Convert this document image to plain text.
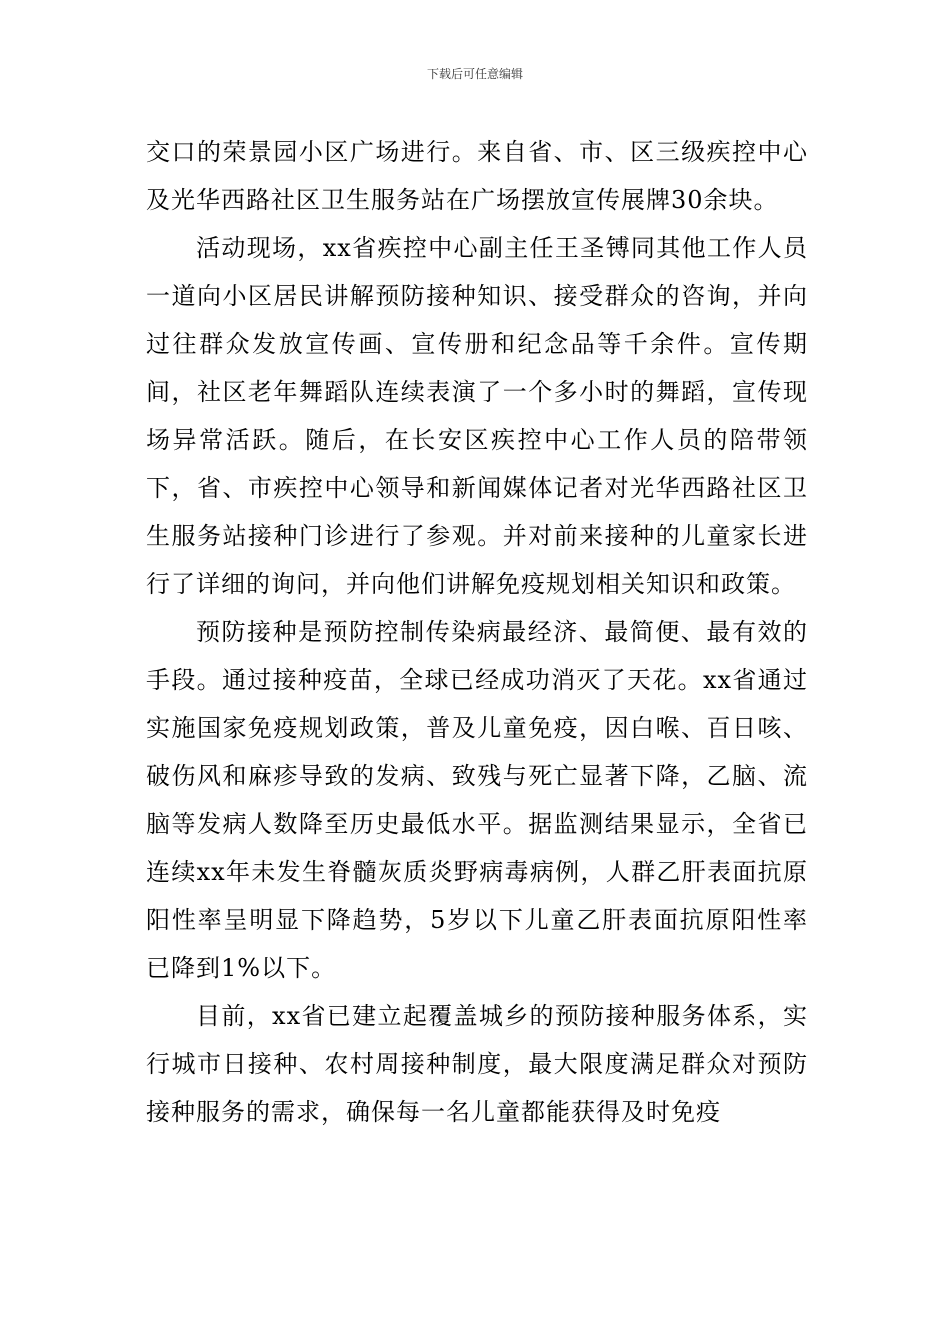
下载后可任意编辑

交口的荣景园小区广场进行。来自省、市、区三级疾控中心及光华西路社区卫生服务站在广场摆放宣传展牌30余块。

活动现场，xx省疾控中心副主任王圣镈同其他工作人员一道向小区居民讲解预防接种知识、接受群众的咨询，并向过往群众发放宣传画、宣传册和纪念品等千余件。宣传期间，社区老年舞蹈队连续表演了一个多小时的舞蹈，宣传现场异常活跃。随后，在长安区疾控中心工作人员的陪带领下，省、市疾控中心领导和新闻媒体记者对光华西路社区卫生服务站接种门诊进行了参观。并对前来接种的儿童家长进行了详细的询问，并向他们讲解免疫规划相关知识和政策。

预防接种是预防控制传染病最经济、最简便、最有效的手段。通过接种疫苗，全球已经成功消灭了天花。xx省通过实施国家免疫规划政策，普及儿童免疫，因白喉、百日咳、破伤风和麻疹导致的发病、致残与死亡显著下降，乙脑、流脑等发病人数降至历史最低水平。据监测结果显示，全省已连续xx年未发生脊髓灰质炎野病毒病例，人群乙肝表面抗原阳性率呈明显下降趋势，5岁以下儿童乙肝表面抗原阳性率已降到1%以下。

目前，xx省已建立起覆盖城乡的预防接种服务体系，实行城市日接种、农村周接种制度，最大限度满足群众对预防接种服务的需求，确保每一名儿童都能获得及时免疫
